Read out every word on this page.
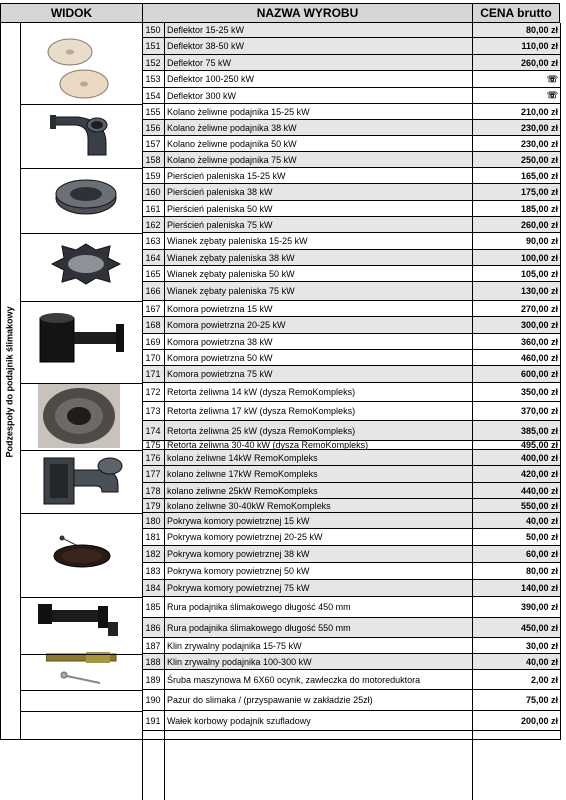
WIDOK	NAZWA WYROBU	CENA brutto
Podzespoły do podajnik ślimakowy
150 Deflektor 15-25 kW	80,00 zł
151 Deflektor 38-50 kW	110,00 zł
152 Deflektor 75 kW	260,00 zł
153 Deflektor 100-250 kW	☏
154 Deflektor 300 kW	☏
155 Kolano żeliwne podajnika 15-25 kW	210,00 zł
156 Kolano żeliwne podajnika 38 kW	230,00 zł
157 Kolano żeliwne podajnika 50 kW	230,00 zł
158 Kolano żeliwne podajnika 75 kW	250,00 zł
159 Pierścień paleniska 15-25 kW	165,00 zł
160 Pierścień paleniska 38 kW	175,00 zł
161 Pierścień paleniska 50 kW	185,00 zł
162 Pierścień paleniska 75 kW	260,00 zł
163 Wianek zębaty paleniska 15-25 kW	90,00 zł
164 Wianek zębaty paleniska 38 kW	100,00 zł
165 Wianek zębaty paleniska 50 kW	105,00 zł
166 Wianek zębaty paleniska 75 kW	130,00 zł
167 Komora powietrzna 15 kW	270,00 zł
168 Komora powietrzna 20-25 kW	300,00 zł
169 Komora powietrzna 38 kW	360,00 zł
170 Komora powietrzna 50 kW	460,00 zł
171 Komora powietrzna 75 kW	600,00 zł
172 Retorta żeliwna 14 kW (dysza RemoKompleks)	350,00 zł
173 Retorta żeliwna 17 kW (dysza RemoKompleks)	370,00 zł
174 Retorta żeliwna 25 kW (dysza RemoKompleks)	385,00 zł
175 Retorta żeliwna 30-40 kW (dysza RemoKompleks)	495,00 zł
176 kolano żeliwne 14kW RemoKompleks	400,00 zł
177 kolano żeliwne 17kW RemoKompleks	420,00 zł
178 kolano żeliwne 25kW RemoKompleks	440,00 zł
179 kolano żeliwne 30-40kW RemoKompleks	550,00 zł
180 Pokrywa komory powietrznej 15 kW	40,00 zł
181 Pokrywa komory powietrznej 20-25 kW	50,00 zł
182 Pokrywa komory powietrznej 38 kW	60,00 zł
183 Pokrywa komory powietrznej 50 kW	80,00 zł
184 Pokrywa komory powietrznej 75 kW	140,00 zł
185 Rura podajnika ślimakowego długość 450 mm	390,00 zł
186 Rura podajnika ślimakowego długość 550 mm	450,00 zł
187 Klin zrywalny podajnika 15-75 kW	30,00 zł
188 Klin zrywalny podajnika 100-300 kW	40,00 zł
189 Śruba maszynowa M 6X60 ocynk, zawleczka do motoreduktora	2,00 zł
190 Pazur do slimaka / (przyspawanie w zakładzie 25zł)	75,00 zł
191 Wałek korbowy podajnik szufladowy	200,00 zł
